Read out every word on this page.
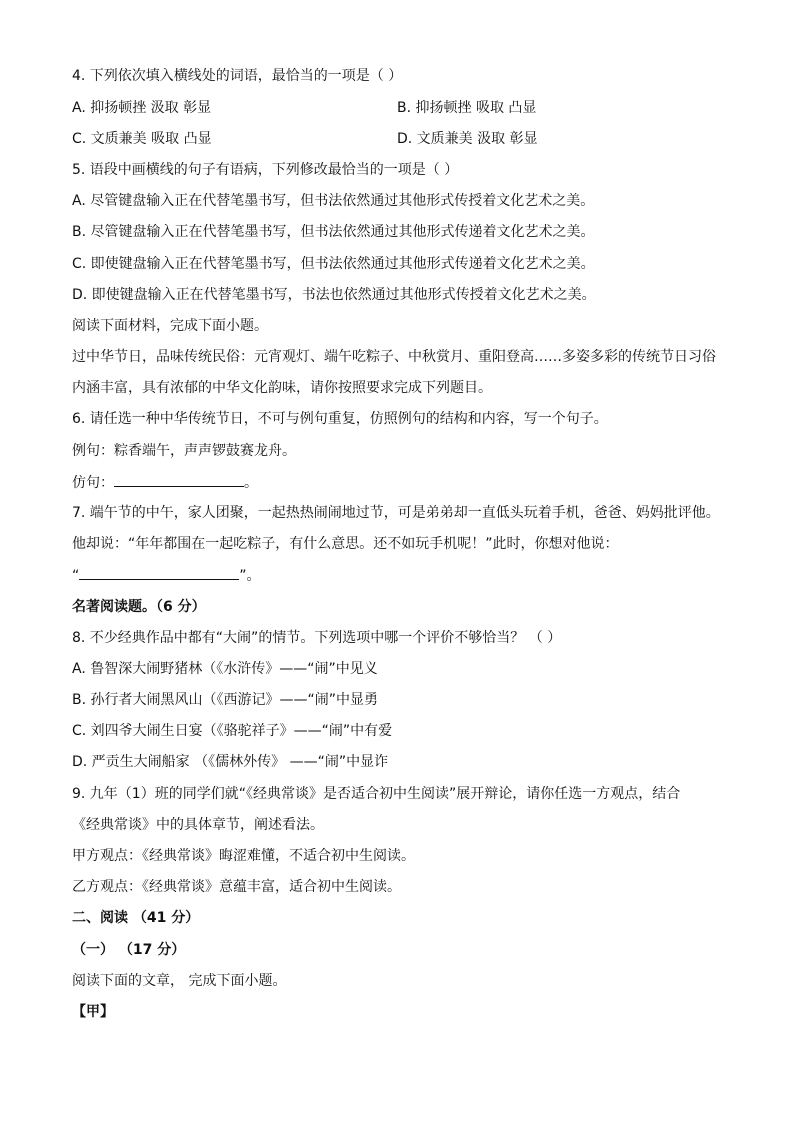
4. 下列依次填入横线处的词语，最恰当的一项是（ ）
A. 抑扬顿挫 汲取 彰显	B. 抑扬顿挫 吸取 凸显
C. 文质兼美 吸取 凸显	D. 文质兼美 汲取 彰显
5. 语段中画横线的句子有语病，下列修改最恰当的一项是（ ）
A. 尽管键盘输入正在代替笔墨书写，但书法依然通过其他形式传授着文化艺术之美。
B. 尽管键盘输入正在代替笔墨书写，但书法依然通过其他形式传递着文化艺术之美。
C. 即使键盘输入正在代替笔墨书写，但书法依然通过其他形式传递着文化艺术之美。
D. 即使键盘输入正在代替笔墨书写，书法也依然通过其他形式传授着文化艺术之美。
阅读下面材料，完成下面小题。
过中华节日，品味传统民俗：元宵观灯、端午吃粽子、中秋赏月、重阳登高……多姿多彩的传统节日习俗
内涵丰富，具有浓郁的中华文化韵味，请你按照要求完成下列题目。
6. 请任选一种中华传统节日，不可与例句重复，仿照例句的结构和内容，写一个句子。
例句：粽香端午，声声锣鼓赛龙舟。
仿句：	。
7. 端午节的中午，家人团聚，一起热热闹闹地过节，可是弟弟却一直低头玩着手机，爸爸、妈妈批评他。
他却说：“年年都围在一起吃粽子，有什么意思。还不如玩手机呢！”此时，你想对他说：
“	”。
名著阅读题。（6 分）
8. 不少经典作品中都有“大闹”的情节。下列选项中哪一个评价不够恰当？ （ ）
A. 鲁智深大闹野猪林（《水浒传》——“闹”中见义
B. 孙行者大闹黑风山（《西游记》——“闹”中显勇
C. 刘四爷大闹生日宴（《骆驼祥子》——“闹”中有爱
D. 严贡生大闹船家 （《儒林外传》 ——“闹”中显诈
9. 九年（1）班的同学们就“《经典常谈》是否适合初中生阅读”展开辩论，请你任选一方观点，结合
《经典常谈》中的具体章节，阐述看法。
甲方观点：《经典常谈》晦涩难懂，不适合初中生阅读。
乙方观点：《经典常谈》意蕴丰富，适合初中生阅读。
二、阅读 （41 分）
（一） （17 分）
阅读下面的文章， 完成下面小题。
【甲】
